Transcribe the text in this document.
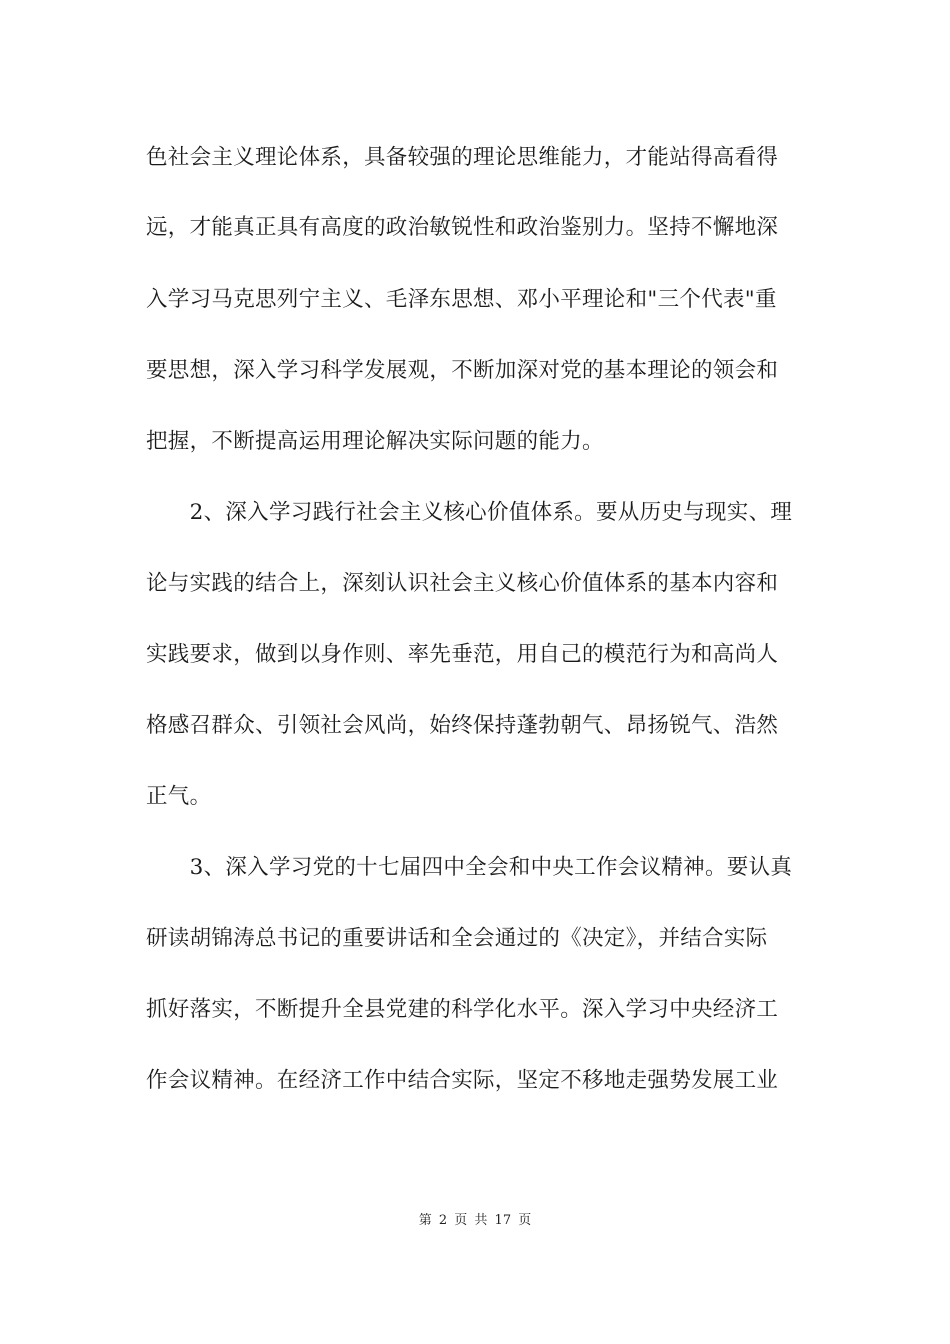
色社会主义理论体系，具备较强的理论思维能力，才能站得高看得
远，才能真正具有高度的政治敏锐性和政治鉴别力。坚持不懈地深
入学习马克思列宁主义、毛泽东思想、邓小平理论和"三个代表"重
要思想，深入学习科学发展观，不断加深对党的基本理论的领会和
把握，不断提高运用理论解决实际问题的能力。
　　2、深入学习践行社会主义核心价值体系。要从历史与现实、理
论与实践的结合上，深刻认识社会主义核心价值体系的基本内容和
实践要求，做到以身作则、率先垂范，用自己的模范行为和高尚人
格感召群众、引领社会风尚，始终保持蓬勃朝气、昂扬锐气、浩然
正气。
　　3、深入学习党的十七届四中全会和中央工作会议精神。要认真
研读胡锦涛总书记的重要讲话和全会通过的《决定》，并结合实际
抓好落实，不断提升全县党建的科学化水平。深入学习中央经济工
作会议精神。在经济工作中结合实际，坚定不移地走强势发展工业
第 2 页 共 17 页
